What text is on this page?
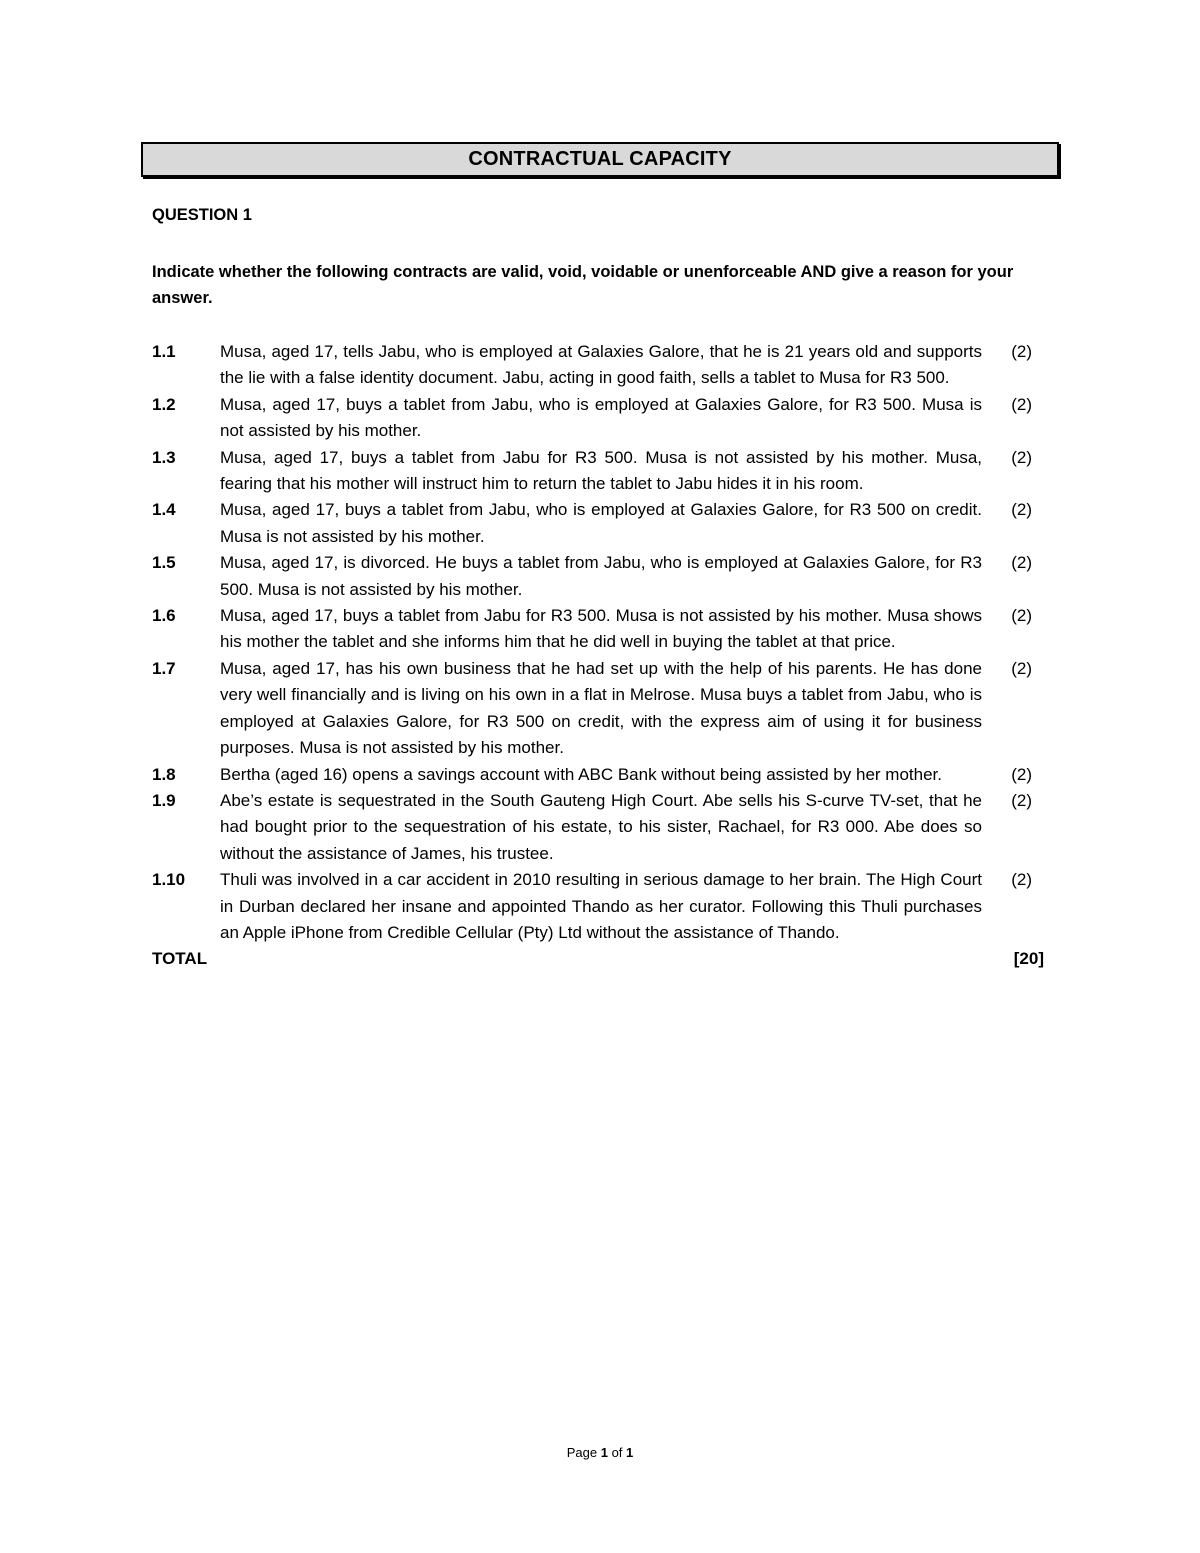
CONTRACTUAL CAPACITY
QUESTION 1
Indicate whether the following contracts are valid, void, voidable or unenforceable AND give a reason for your answer.
1.1	Musa, aged 17, tells Jabu, who is employed at Galaxies Galore, that he is 21 years old and supports the lie with a false identity document. Jabu, acting in good faith, sells a tablet to Musa for R3 500.
(2)
1.2	Musa, aged 17, buys a tablet from Jabu, who is employed at Galaxies Galore, for R3 500. Musa is not assisted by his mother.
(2)
1.3	Musa, aged 17, buys a tablet from Jabu for R3 500. Musa is not assisted by his mother. Musa, fearing that his mother will instruct him to return the tablet to Jabu hides it in his room.
(2)
1.4	Musa, aged 17, buys a tablet from Jabu, who is employed at Galaxies Galore, for R3 500 on credit. Musa is not assisted by his mother.
(2)
1.5	Musa, aged 17, is divorced. He buys a tablet from Jabu, who is employed at Galaxies Galore, for R3 500. Musa is not assisted by his mother.
(2)
1.6	Musa, aged 17, buys a tablet from Jabu for R3 500. Musa is not assisted by his mother. Musa shows his mother the tablet and she informs him that he did well in buying the tablet at that price.
(2)
1.7	Musa, aged 17, has his own business that he had set up with the help of his parents. He has done very well financially and is living on his own in a flat in Melrose. Musa buys a tablet from Jabu, who is employed at Galaxies Galore, for R3 500 on credit, with the express aim of using it for business purposes. Musa is not assisted by his mother.
(2)
1.8	Bertha (aged 16) opens a savings account with ABC Bank without being assisted by her mother.	(2)
1.9	Abe’s estate is sequestrated in the South Gauteng High Court. Abe sells his S-curve TV-set, that he had bought prior to the sequestration of his estate, to his sister, Rachael, for R3 000. Abe does so without the assistance of James, his trustee.
(2)
1.10	Thuli was involved in a car accident in 2010 resulting in serious damage to her brain. The High Court in Durban declared her insane and appointed Thando as her curator. Following this Thuli purchases an Apple iPhone from Credible Cellular (Pty) Ltd without the assistance of Thando.
(2)
TOTAL	[20]
Page 1 of 1
